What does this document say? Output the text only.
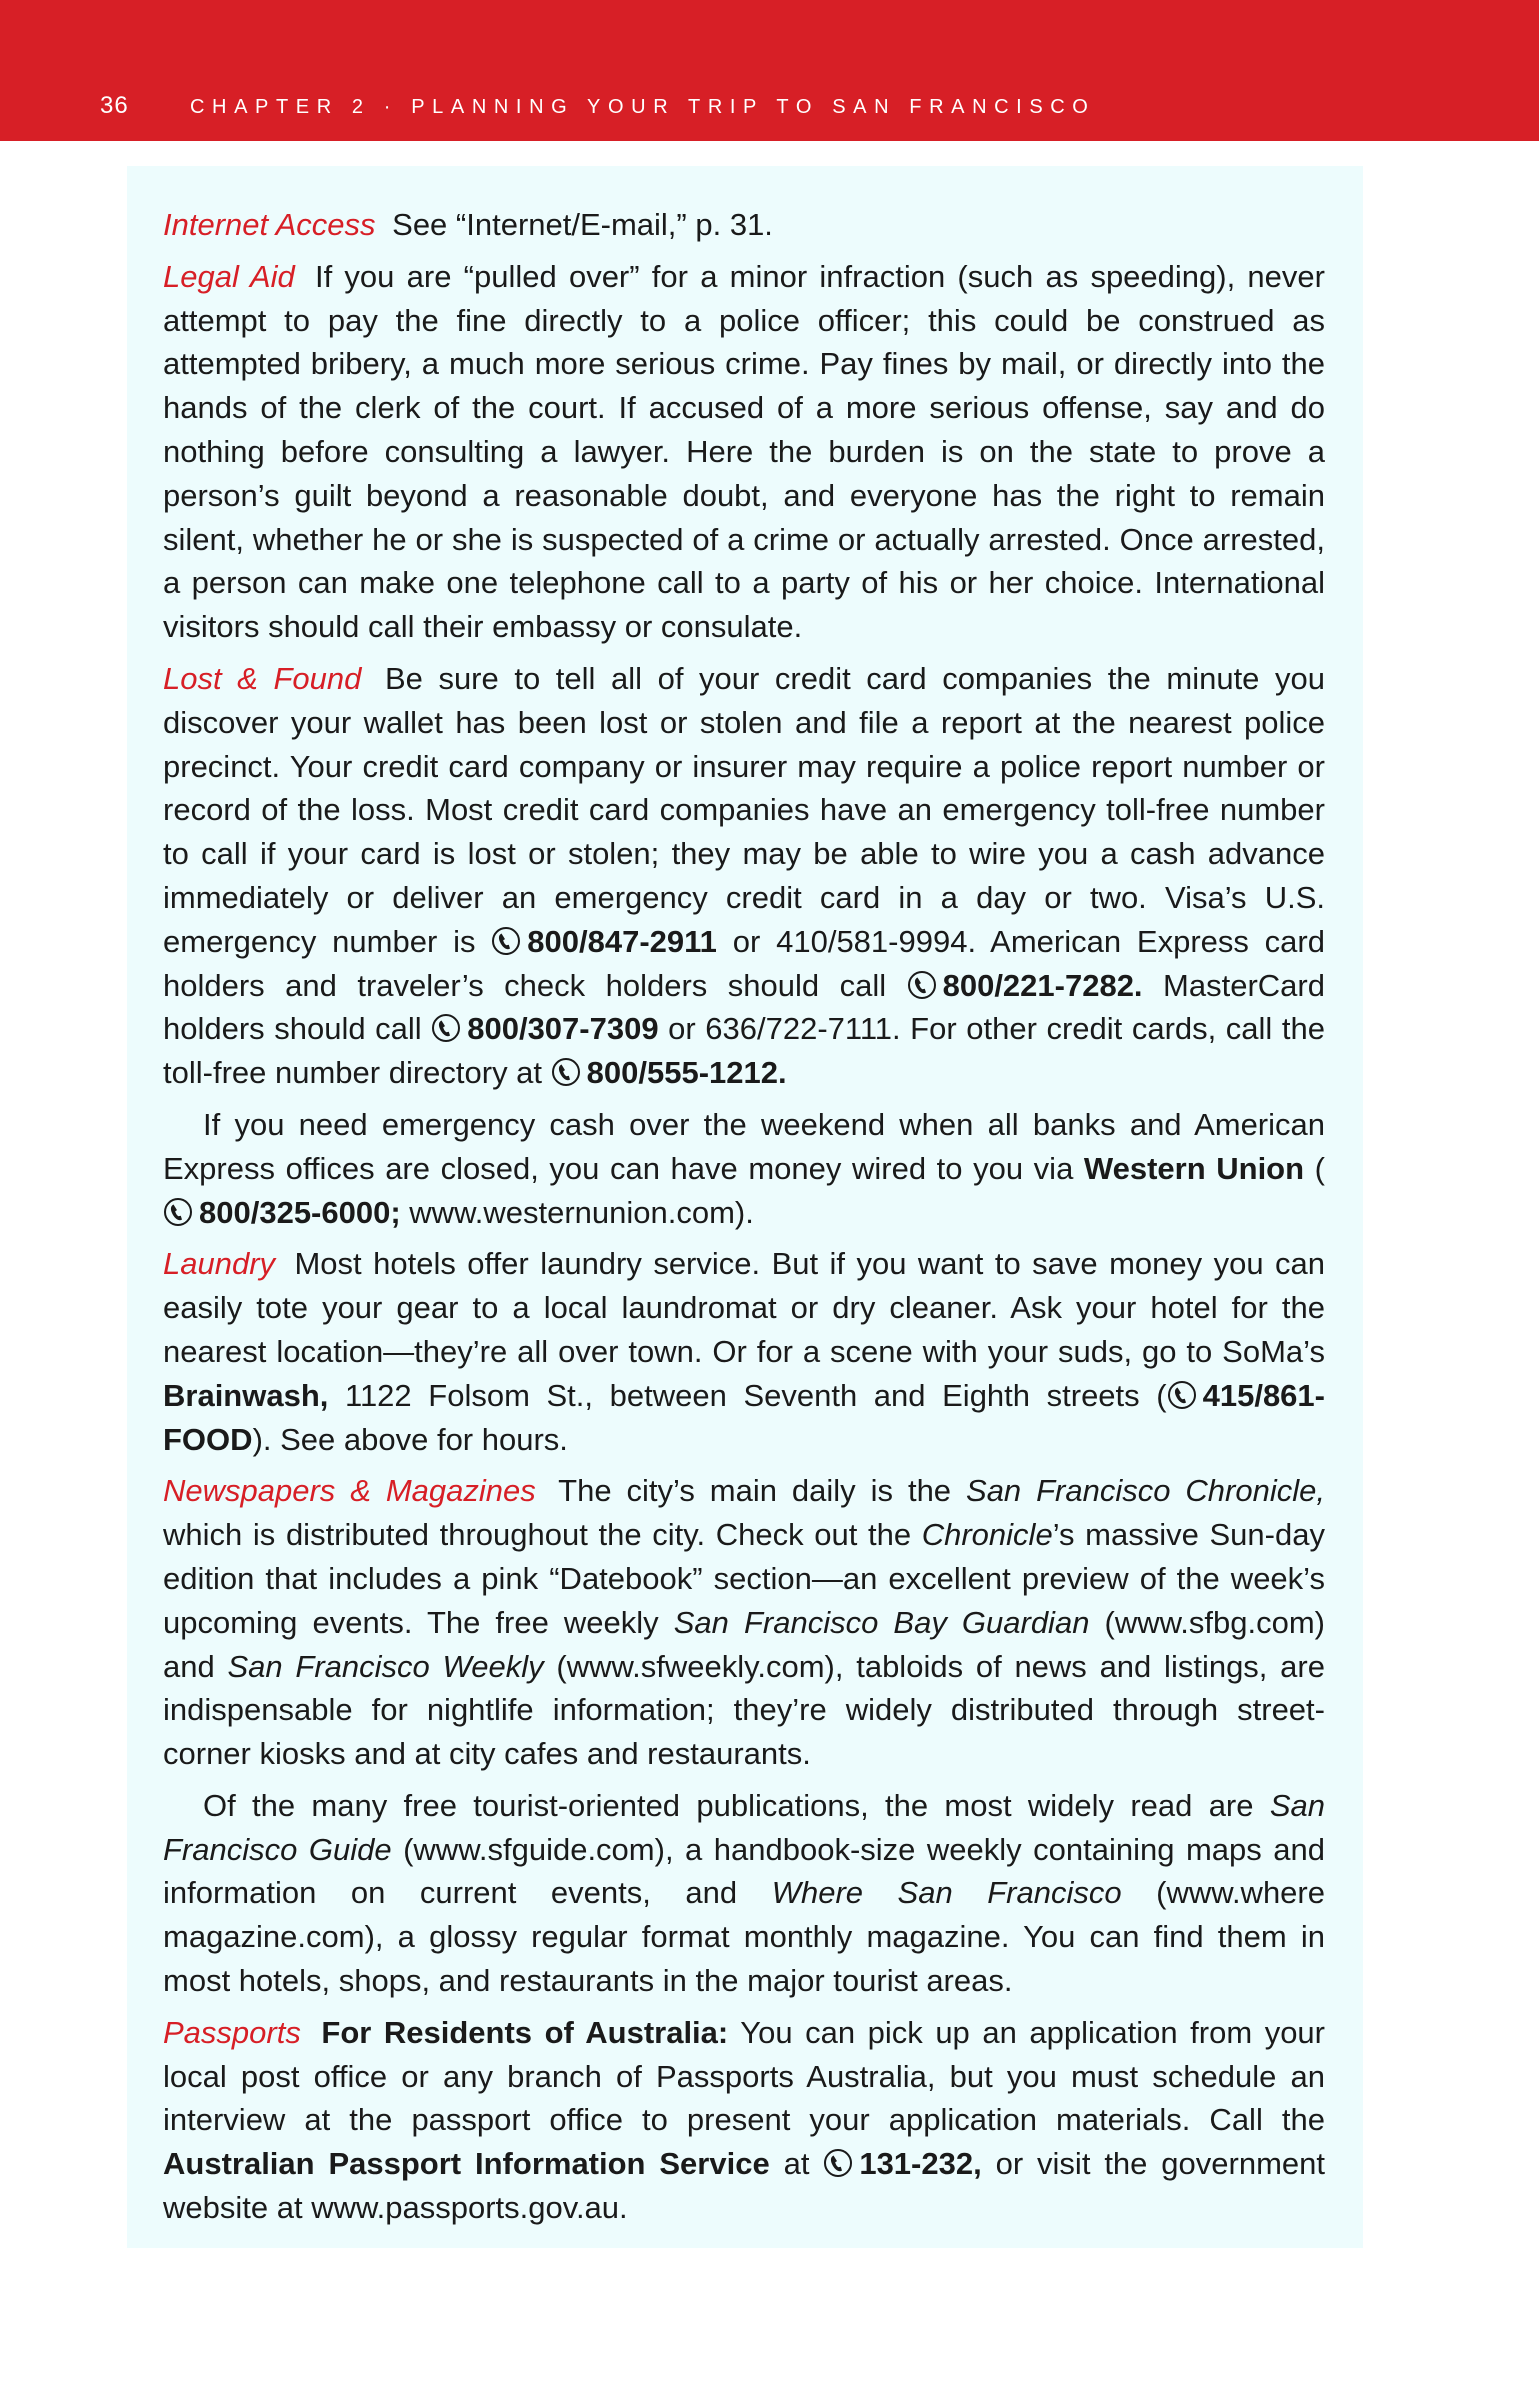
36	CHAPTER 2 · PLANNING YOUR TRIP TO SAN FRANCISCO

Internet Access See “Internet/E-mail,” p. 31.

Legal Aid If you are “pulled over” for a minor infraction (such as speeding), never attempt to pay the fine directly to a police officer; this could be construed as attempted bribery, a much more serious crime. Pay fines by mail, or directly into the hands of the clerk of the court. If accused of a more serious offense, say and do nothing before consulting a lawyer. Here the burden is on the state to prove a person’s guilt beyond a reasonable doubt, and everyone has the right to remain silent, whether he or she is suspected of a crime or actually arrested. Once arrested, a person can make one telephone call to a party of his or her choice. International visitors should call their embassy or consulate.

Lost & Found Be sure to tell all of your credit card companies the minute you discover your wallet has been lost or stolen and file a report at the nearest police precinct. Your credit card company or insurer may require a police report number or record of the loss. Most credit card companies have an emergency toll-free number to call if your card is lost or stolen; they may be able to wire you a cash advance immediately or deliver an emergency credit card in a day or two. Visa’s U.S. emergency number is 800/847-2911 or 410/581-9994. American Express card holders and traveler’s check holders should call 800/221-7282. MasterCard holders should call 800/307-7309 or 636/722-7111. For other credit cards, call the toll-free number directory at 800/555-1212.

If you need emergency cash over the weekend when all banks and American Express offices are closed, you can have money wired to you via Western Union (800/325-6000; www.westernunion.com).

Laundry Most hotels offer laundry service. But if you want to save money you can easily tote your gear to a local laundromat or dry cleaner. Ask your hotel for the nearest location—they’re all over town. Or for a scene with your suds, go to SoMa’s Brainwash, 1122 Folsom St., between Seventh and Eighth streets ( 415/861-FOOD). See above for hours.

Newspapers & Magazines The city’s main daily is the San Francisco Chronicle, which is distributed throughout the city. Check out the Chronicle’s massive Sun-day edition that includes a pink “Datebook” section—an excellent preview of the week’s upcoming events. The free weekly San Francisco Bay Guardian (www.sfbg.com) and San Francisco Weekly (www.sfweekly.com), tabloids of news and listings, are indispensable for nightlife information; they’re widely distributed through street-corner kiosks and at city cafes and restaurants.

Of the many free tourist-oriented publications, the most widely read are San Francisco Guide (www.sfguide.com), a handbook-size weekly containing maps and information on current events, and Where San Francisco (www.where magazine.com), a glossy regular format monthly magazine. You can find them in most hotels, shops, and restaurants in the major tourist areas.

Passports For Residents of Australia: You can pick up an application from your local post office or any branch of Passports Australia, but you must schedule an interview at the passport office to present your application materials. Call the Australian Passport Information Service at 131-232, or visit the government website at www.passports.gov.au.
